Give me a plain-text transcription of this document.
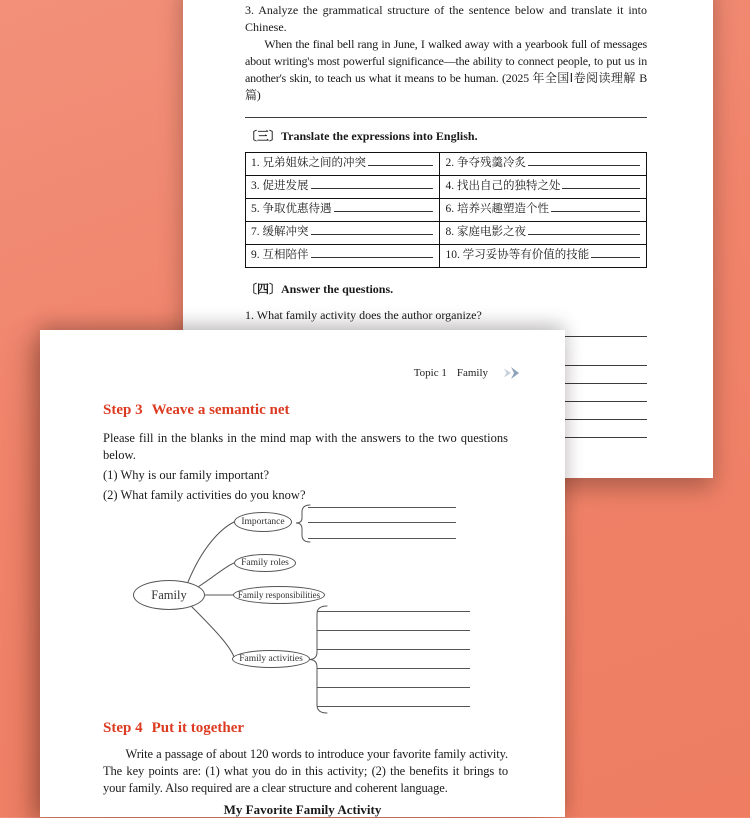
3. Analyze the grammatical structure of the sentence below and translate it into Chinese.

When the final bell rang in June, I walked away with a yearbook full of messages about writing's most powerful significance—the ability to connect people, to put us in another's skin, to teach us what it means to be human. (2025 年全国Ⅰ卷阅读理解 B 篇)

〔三〕Translate the expressions into English.
1. 兄弟姐妹之间的冲突	2. 争夺残羹冷炙

3. 促进发展	4. 找出自己的独特之处

5. 争取优惠待遇	6. 培养兴趣塑造个性

7. 缓解冲突	8. 家庭电影之夜

9. 互相陪伴	10. 学习妥协等有价值的技能
〔四〕Answer the questions.

1. What family activity does the author organize?

Topic 1 Family
Step 3 Weave a semantic net

Please fill in the blanks in the mind map with the answers to the two questions below.

(1) Why is our family important?

(2) What family activities do you know?

Family
Importance
Family roles
Family responsibilities
Family activities
Step 4 Put it together

Write a passage of about 120 words to introduce your favorite family activity. The key points are: (1) what you do in this activity; (2) the benefits it brings to your family. Also required are a clear structure and coherent language.

My Favorite Family Activity
